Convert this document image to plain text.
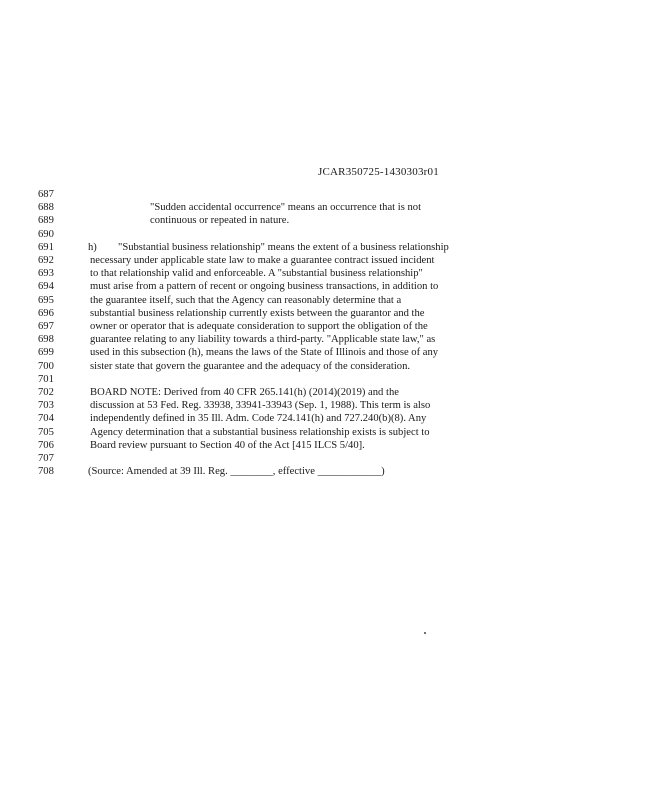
JCAR350725-1430303r01
687
688	"Sudden accidental occurrence" means an occurrence that is not
689	continuous or repeated in nature.
690
691	h) "Substantial business relationship" means the extent of a business relationship
692	necessary under applicable state law to make a guarantee contract issued incident
693	to that relationship valid and enforceable. A "substantial business relationship"
694	must arise from a pattern of recent or ongoing business transactions, in addition to
695	the guarantee itself, such that the Agency can reasonably determine that a
696	substantial business relationship currently exists between the guarantor and the
697	owner or operator that is adequate consideration to support the obligation of the
698	guarantee relating to any liability towards a third-party. "Applicable state law," as
699	used in this subsection (h), means the laws of the State of Illinois and those of any
700	sister state that govern the guarantee and the adequacy of the consideration.
701
702	BOARD NOTE: Derived from 40 CFR 265.141(h) (2014)(2019) and the
703	discussion at 53 Fed. Reg. 33938, 33941-33943 (Sep. 1, 1988). This term is also
704	independently defined in 35 Ill. Adm. Code 724.141(h) and 727.240(b)(8). Any
705	Agency determination that a substantial business relationship exists is subject to
706	Board review pursuant to Section 40 of the Act [415 ILCS 5/40].
707
708	(Source: Amended at 39 Ill. Reg. ________, effective ____________)
